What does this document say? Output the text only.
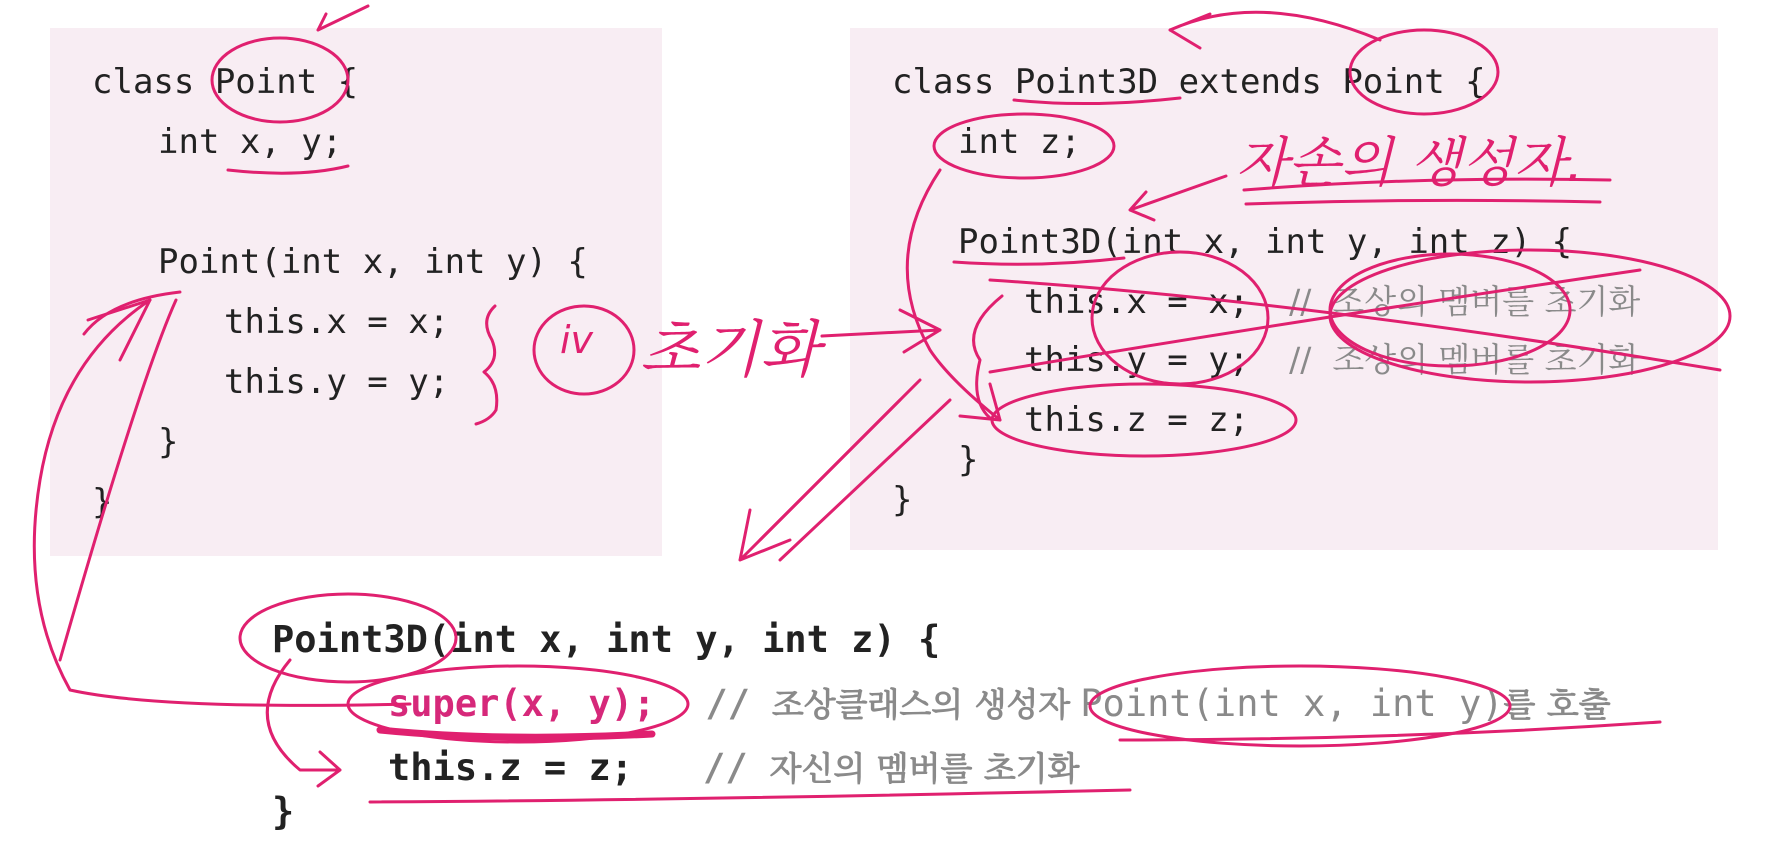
class Point {
int x, y;
Point(int x, int y) {
this.x = x;
this.y = y;
}
}
class Point3D extends Point {
int z;
Point3D(int x, int y, int z) {
this.x = x; //  조상의 멤버를 초기화
this.y = y; //  조상의 멤버를 초기화
this.z = z;
}
}
Point3D(int x, int y, int z) {
super(x, y); // 조상클래스의 생성자 Point(int x, int y)를 호출
this.z = z; // 자신의 멤버를 초기화
}
iv 초기화
자손의 생성자.
